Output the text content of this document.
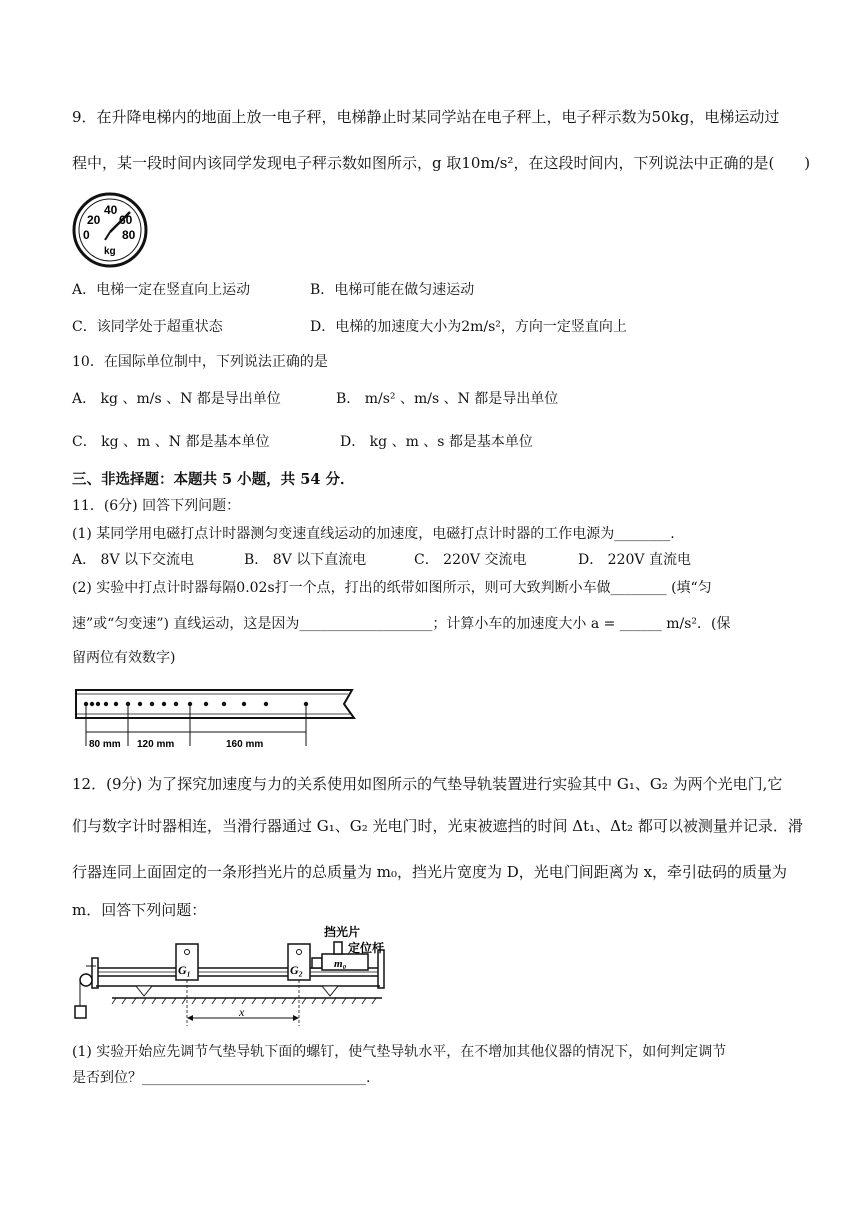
9．在升降电梯内的地面上放一电子秤，电梯静止时某同学站在电子秤上，电子秤示数为50kg，电梯运动过
程中，某一段时间内该同学发现电子秤示数如图所示，g 取10m/s²，在这段时间内，下列说法中正确的是(　　)
20
40
60
0	80
kg
A．电梯一定在竖直向上运动	B．电梯可能在做匀速运动
C．该同学处于超重状态	D．电梯的加速度大小为2m/s²，方向一定竖直向上
10．在国际单位制中，下列说法正确的是
A． kg 、m/s 、N 都是导出单位	B． m/s² 、m/s 、N 都是导出单位
C． kg 、m 、N 都是基本单位	D． kg 、m 、s 都是基本单位
三、非选择题：本题共 5 小题，共 54 分．
11．(6分) 回答下列问题：
(1) 某同学用电磁打点计时器测匀变速直线运动的加速度，电磁打点计时器的工作电源为________.
A． 8V 以下交流电	B． 8V 以下直流电	C． 220V 交流电	D． 220V 直流电
(2) 实验中打点计时器每隔0.02s打一个点，打出的纸带如图所示，则可大致判断小车做________ (填“匀
速”或“匀变速”) 直线运动，这是因为___________________；计算小车的加速度大小 a = ______ m/s²．(保
留两位有效数字)
80 mm 120 mm	160 mm
12．(9分) 为了探究加速度与力的关系使用如图所示的气垫导轨装置进行实验其中 G₁、G₂ 为两个光电门,它
们与数字计时器相连，当滑行器通过 G₁、G₂ 光电门时，光束被遮挡的时间 Δt₁、Δt₂ 都可以被测量并记录．滑
行器连同上面固定的一条形挡光片的总质量为 m₀，挡光片宽度为 D，光电门间距离为 x，牵引砝码的质量为
m．回答下列问题：
G₁	G₂	m₀
挡光片
定位杆
x
(1) 实验开始应先调节气垫导轨下面的螺钉，使气垫导轨水平，在不增加其他仪器的情况下，如何判定调节
是否到位？________________________________.
